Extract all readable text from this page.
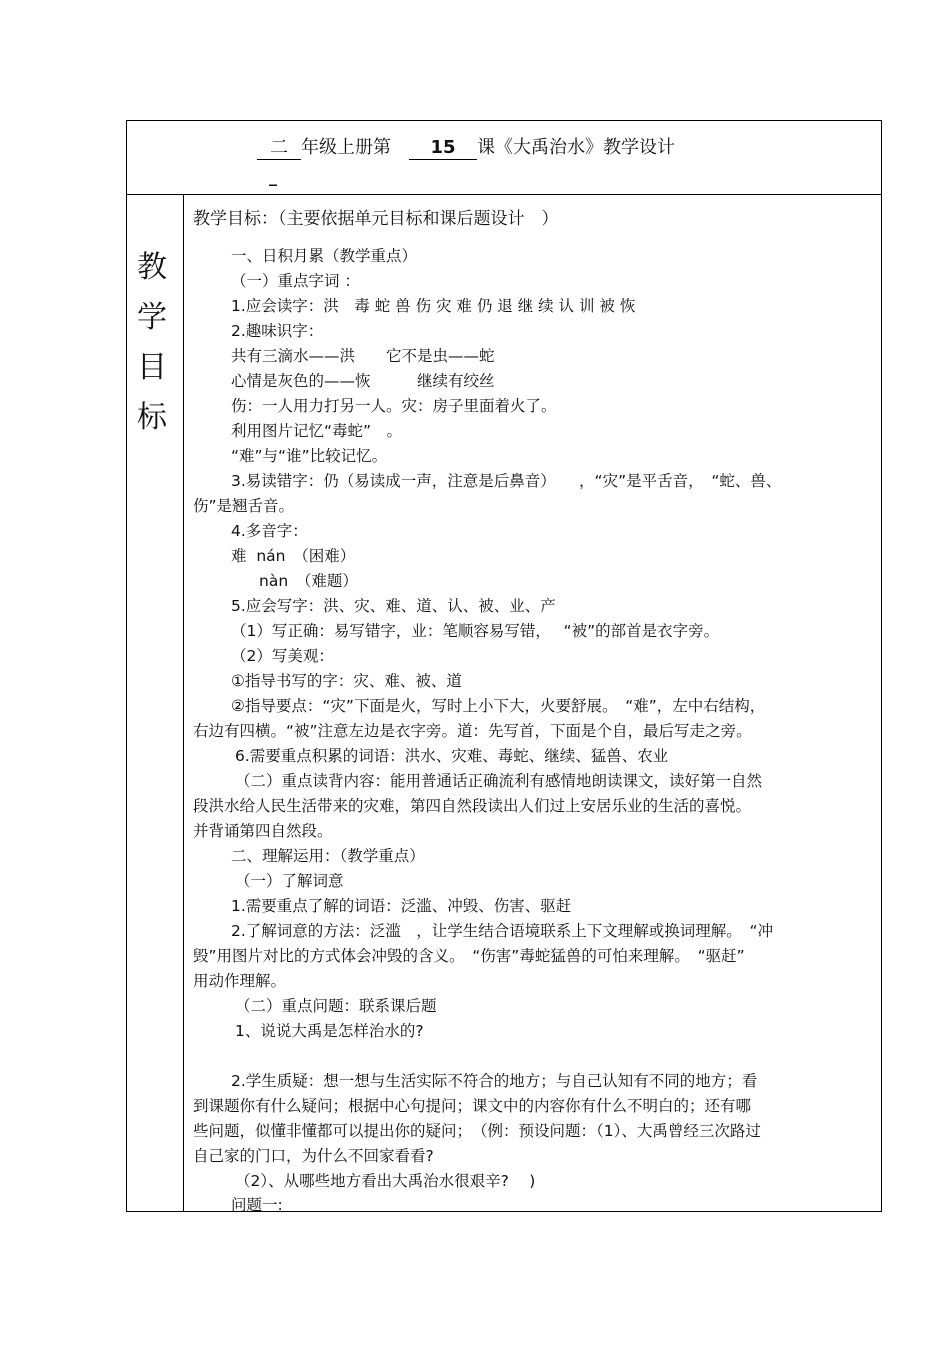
二 年级上册第　 15 课《大禹治水》教学设计
_
教
学
目
标
教学目标：（主要依据单元目标和课后题设计　）
一、日积月累（教学重点）
（一）重点字词 ：
1.应会读字：洪　毒 蛇 兽 伤 灾 难 仍 退 继 续 认 训 被 恢
2.趣味识字：
共有三滴水——洪　　它不是虫——蛇
心情是灰色的——恢　　　继续有绞丝
伤：一人用力打另一人。灾：房子里面着火了。
利用图片记忆“毒蛇”　。
“难”与“谁”比较记忆。
3.易读错字：仍（易读成一声，注意是后鼻音）　　，“灾”是平舌音，　“蛇、兽、
伤”是翘舌音。
4.多音字：
难  nán　（困难）
nàn　（难题）
5.应会写字：洪、灾、难、道、认、被、业、产
（1）写正确：易写错字，业：笔顺容易写错，　 “被”的部首是衣字旁。
（2）写美观：
①指导书写的字：灾、难、被、道
②指导要点：“灾”下面是火，写时上小下大，火要舒展。　“难”，左中右结构，
右边有四横。“被”注意左边是衣字旁。道：先写首，下面是个自，最后写走之旁。
6.需要重点积累的词语：洪水、灾难、毒蛇、继续、猛兽、农业
（二）重点读背内容：能用普通话正确流利有感情地朗读课文，读好第一自然
段洪水给人民生活带来的灾难，第四自然段读出人们过上安居乐业的生活的喜悦。
并背诵第四自然段。
二、理解运用：（教学重点）
（一）了解词意
1.需要重点了解的词语：泛滥、冲毁、伤害、驱赶
2.了解词意的方法：泛滥　，让学生结合语境联系上下文理解或换词理解。　“冲
毁”用图片对比的方式体会冲毁的含义。　“伤害”毒蛇猛兽的可怕来理解。　“驱赶”
用动作理解。
（二）重点问题：联系课后题
1、说说大禹是怎样治水的?
2.学生质疑：想一想与生活实际不符合的地方；与自己认知有不同的地方；看
到课题你有什么疑问；根据中心句提问；课文中的内容你有什么不明白的；还有哪
些问题，似懂非懂都可以提出你的疑问；　（例：预设问题：（1）、大禹曾经三次路过
自己家的门口，为什么不回家看看?
（2）、从哪些地方看出大禹治水很艰辛?　 )
问题一:
